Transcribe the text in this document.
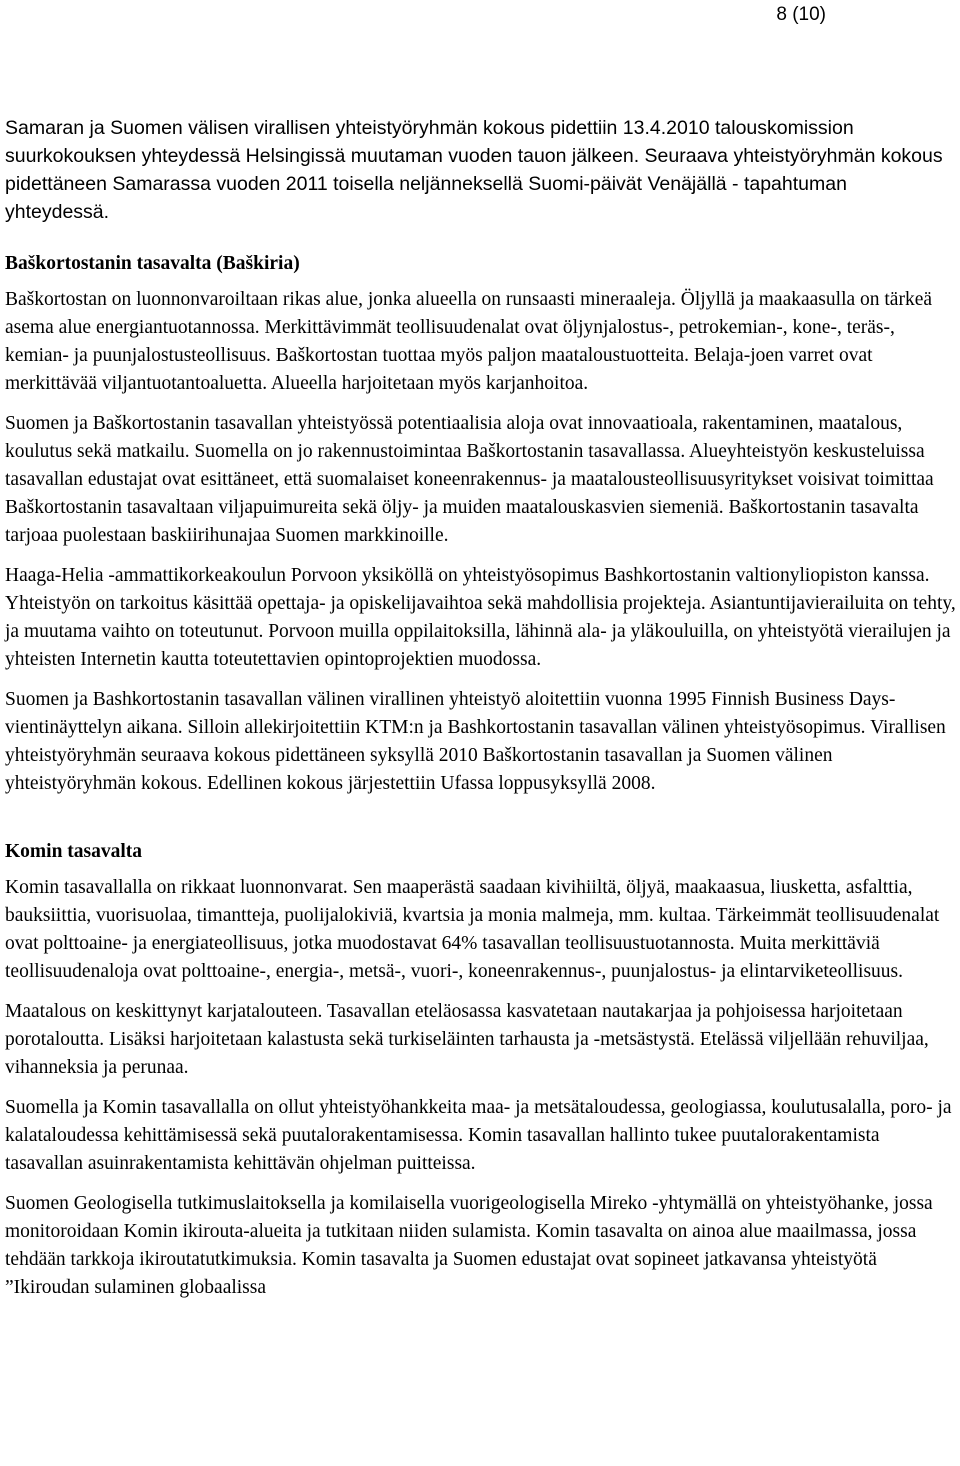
8 (10)

Samaran ja Suomen välisen virallisen yhteistyöryhmän kokous pidettiin 13.4.2010 talouskomission suurkokouksen yhteydessä Helsingissä muutaman vuoden tauon jälkeen. Seuraava yhteistyöryhmän kokous pidettäneen Samarassa vuoden 2011 toisella neljänneksellä Suomi-päivät Venäjällä - tapahtuman yhteydessä.

Baškortostanin tasavalta (Baškiria)

Baškortostan on luonnonvaroiltaan rikas alue, jonka alueella on runsaasti mineraaleja. Öljyllä ja maakaasulla on tärkeä asema alue energiantuotannossa. Merkittävimmät teollisuudenalat ovat öljynjalostus-, petrokemian-, kone-, teräs-, kemian- ja puunjalostusteollisuus. Baškortostan tuottaa myös paljon maataloustuotteita. Belaja-joen varret ovat merkittävää viljantuotantoaluetta. Alueella harjoitetaan myös karjanhoitoa.

Suomen ja Baškortostanin tasavallan yhteistyössä potentiaalisia aloja ovat innovaatioala, rakentaminen, maatalous, koulutus sekä matkailu. Suomella on jo rakennustoimintaa Baškortostanin tasavallassa. Alueyhteistyön keskusteluissa tasavallan edustajat ovat esittäneet, että suomalaiset koneenrakennus- ja maatalousteollisuusyritykset voisivat toimittaa Baškortostanin tasavaltaan viljapuimureita sekä öljy- ja muiden maatalouskasvien siemeniä. Baškortostanin tasavalta tarjoaa puolestaan baskiirihunajaa Suomen markkinoille.

Haaga-Helia -ammattikorkeakoulun Porvoon yksiköllä on yhteistyösopimus Bashkortostanin valtionyliopiston kanssa. Yhteistyön on tarkoitus käsittää opettaja- ja opiskelijavaihtoa sekä mahdollisia projekteja. Asiantuntijavierailuita on tehty, ja muutama vaihto on toteutunut. Porvoon muilla oppilaitoksilla, lähinnä ala- ja yläkouluilla, on yhteistyötä vierailujen ja yhteisten Internetin kautta toteutettavien opintoprojektien muodossa.

Suomen ja Bashkortostanin tasavallan välinen virallinen yhteistyö aloitettiin vuonna 1995 Finnish Business Days-vientinäyttelyn aikana. Silloin allekirjoitettiin KTM:n ja Bashkortostanin tasavallan välinen yhteistyösopimus. Virallisen yhteistyöryhmän seuraava kokous pidettäneen syksyllä 2010 Baškortostanin tasavallan ja Suomen välinen yhteistyöryhmän kokous. Edellinen kokous järjestettiin Ufassa loppusyksyllä 2008.

Komin tasavalta

Komin tasavallalla on rikkaat luonnonvarat. Sen maaperästä saadaan kivihiiltä, öljyä, maakaasua, liusketta, asfalttia, bauksiittia, vuorisuolaa, timantteja, puolijalokiviä, kvartsia ja monia malmeja, mm. kultaa. Tärkeimmät teollisuudenalat ovat polttoaine- ja energiateollisuus, jotka muodostavat 64% tasavallan teollisuustuotannosta. Muita merkittäviä teollisuudenaloja ovat polttoaine-, energia-, metsä-, vuori-, koneenrakennus-, puunjalostus- ja elintarviketeollisuus.

Maatalous on keskittynyt karjatalouteen. Tasavallan eteläosassa kasvatetaan nautakarjaa ja pohjoisessa harjoitetaan porotaloutta. Lisäksi harjoitetaan kalastusta sekä turkiseläinten tarhausta ja -metsästystä. Etelässä viljellään rehuviljaa, vihanneksia ja perunaa.

Suomella ja Komin tasavallalla on ollut yhteistyöhankkeita maa- ja metsätaloudessa, geologiassa, koulutusalalla, poro- ja kalataloudessa kehittämisessä sekä puutalorakentamisessa. Komin tasavallan hallinto tukee puutalorakentamista tasavallan asuinrakentamista kehittävän ohjelman puitteissa.

Suomen Geologisella tutkimuslaitoksella ja komilaisella vuorigeologisella Mireko -yhtymällä on yhteistyöhanke, jossa monitoroidaan Komin ikirouta-alueita ja tutkitaan niiden sulamista. Komin tasavalta on ainoa alue maailmassa, jossa tehdään tarkkoja ikiroutatutkimuksia. Komin tasavalta ja Suomen edustajat ovat sopineet jatkavansa yhteistyötä ”Ikiroudan sulaminen globaalissa
